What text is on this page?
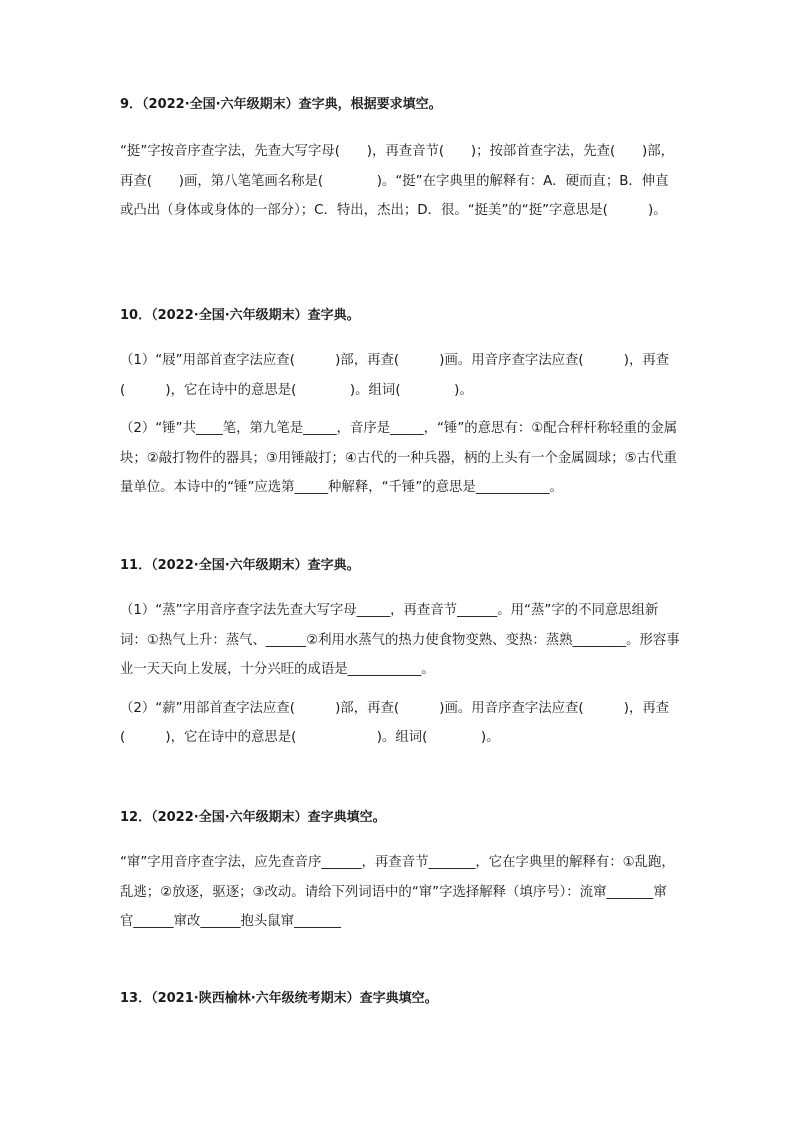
9．（2022·全国·六年级期末）查字典，根据要求填空。

“挺”字按音序查字法，先查大写字母(　　)，再查音节(　　)；按部首查字法，先查(　　)部，再查(　　)画，第八笔笔画名称是(　　　　)。“挺”在字典里的解释有：A．硬而直；B．伸直或凸出（身体或身体的一部分）；C．特出，杰出；D．很。“挺美”的“挺”字意思是(　　　)。

10．（2022·全国·六年级期末）查字典。

（1）“屐”用部首查字法应查(　　　)部，再查(　　　)画。用音序查字法应查(　　　)，再查(　　　)，它在诗中的意思是(　　　　)。组词(　　　　)。

（2）“锤”共____笔，第九笔是_____，音序是_____，“锤”的意思有：①配合秤杆称轻重的金属块；②敲打物件的器具；③用锤敲打；④古代的一种兵器，柄的上头有一个金属圆球；⑤古代重量单位。本诗中的“锤”应选第_____种解释，“千锤”的意思是___________。

11．（2022·全国·六年级期末）查字典。

（1）“蒸”字用音序查字法先查大写字母_____，再查音节______。用“蒸”字的不同意思组新词：①热气上升：蒸气、______②利用水蒸气的热力使食物变熟、变热：蒸熟________。形容事业一天天向上发展，十分兴旺的成语是___________。

（2）“薪”用部首查字法应查(　　　)部，再查(　　　)画。用音序查字法应查(　　　)，再查(　　　)，它在诗中的意思是(　　　　　　)。组词(　　　　)。

12．（2022·全国·六年级期末）查字典填空。

“窜”字用音序查字法，应先查音序______，再查音节_______，它在字典里的解释有：①乱跑，乱逃；②放逐，驱逐；③改动。请给下列词语中的“窜”字选择解释（填序号）：流窜_______窜官______窜改______抱头鼠窜_______

13．（2021·陕西榆林·六年级统考期末）查字典填空。
